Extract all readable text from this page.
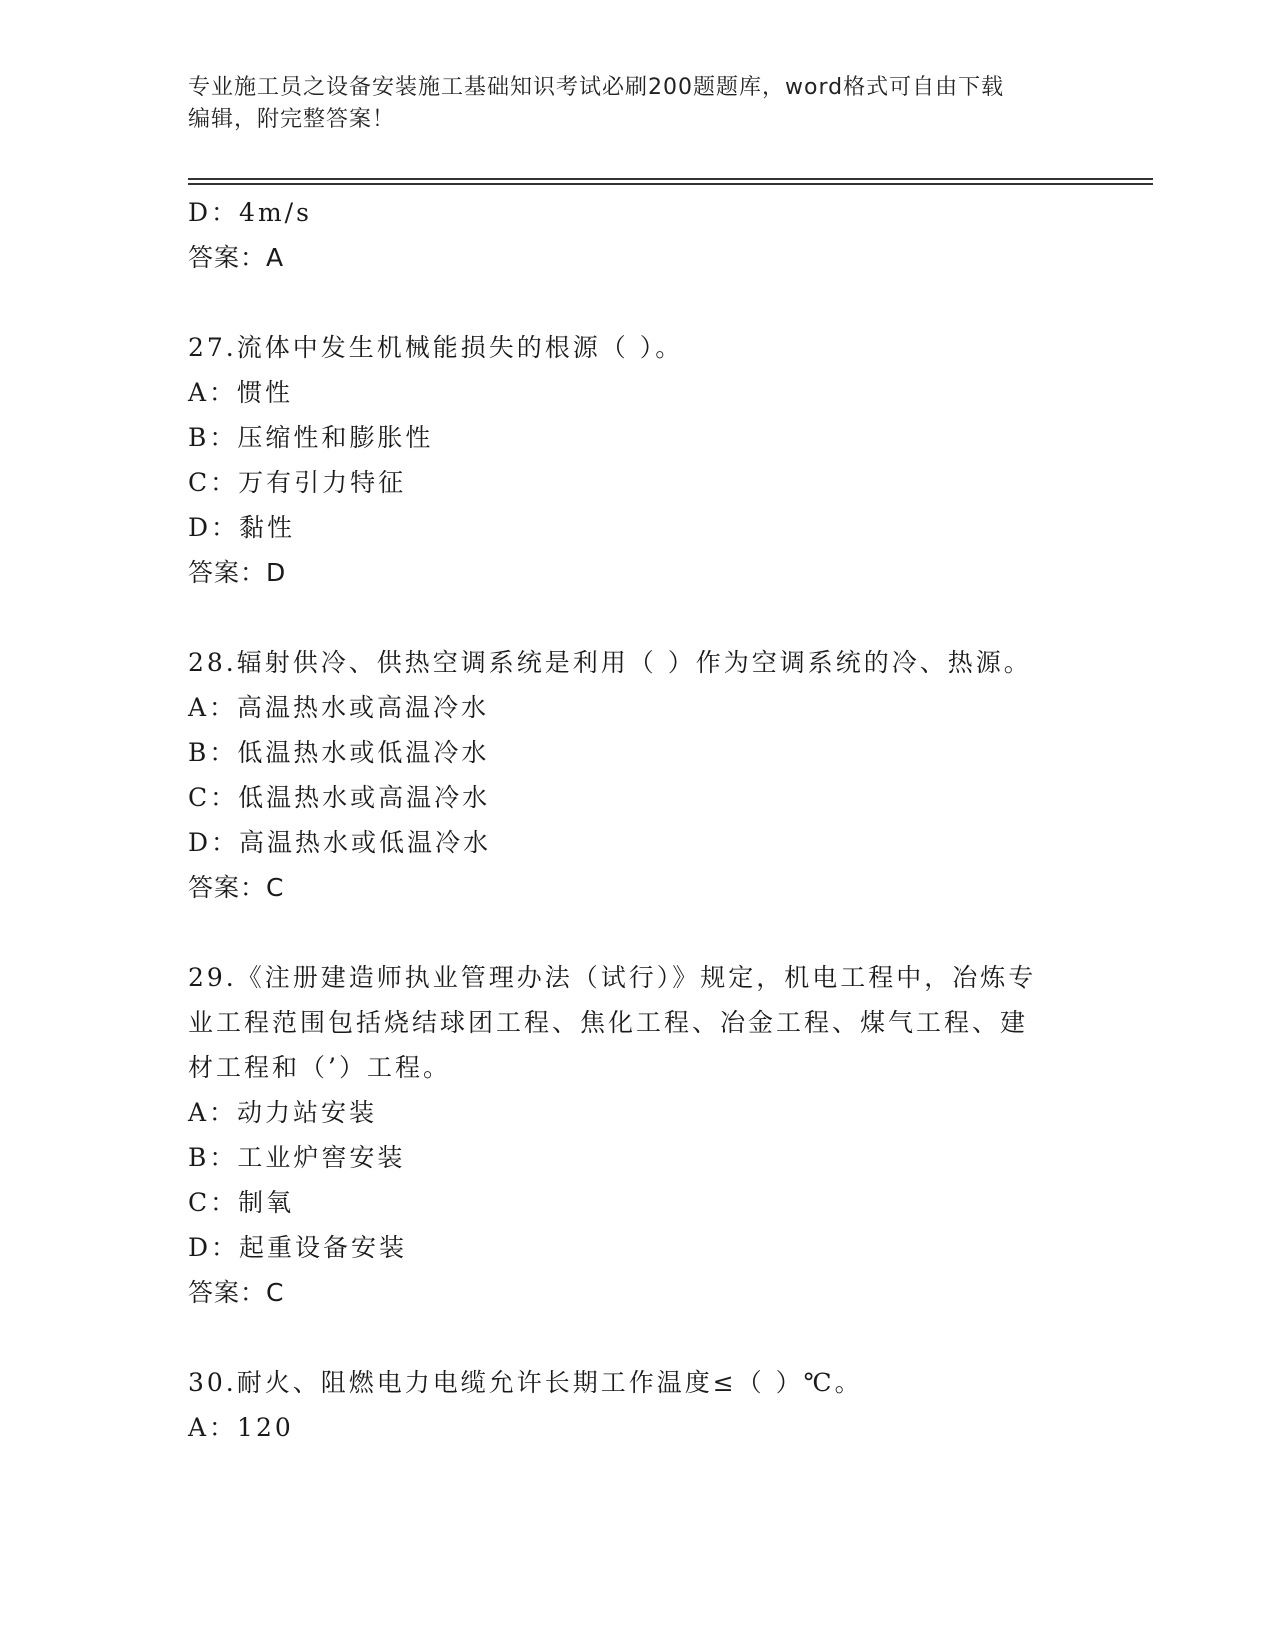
专业施工员之设备安装施工基础知识考试必刷200题题库，word格式可自由下载
编辑，附完整答案！
D：4m/s
答案：A
27.流体中发生机械能损失的根源（ ）。
A：惯性
B：压缩性和膨胀性
C：万有引力特征
D：黏性
答案：D
28.辐射供冷、供热空调系统是利用（ ）作为空调系统的冷、热源。
A：高温热水或高温冷水
B：低温热水或低温冷水
C：低温热水或高温冷水
D：高温热水或低温冷水
答案：C
29.《注册建造师执业管理办法（试行）》规定，机电工程中，冶炼专
业工程范围包括烧结球团工程、焦化工程、冶金工程、煤气工程、建
材工程和（’）工程。
A：动力站安装
B：工业炉窖安装
C：制氧
D：起重设备安装
答案：C
30.耐火、阻燃电力电缆允许长期工作温度≤（ ）℃。
A：120
